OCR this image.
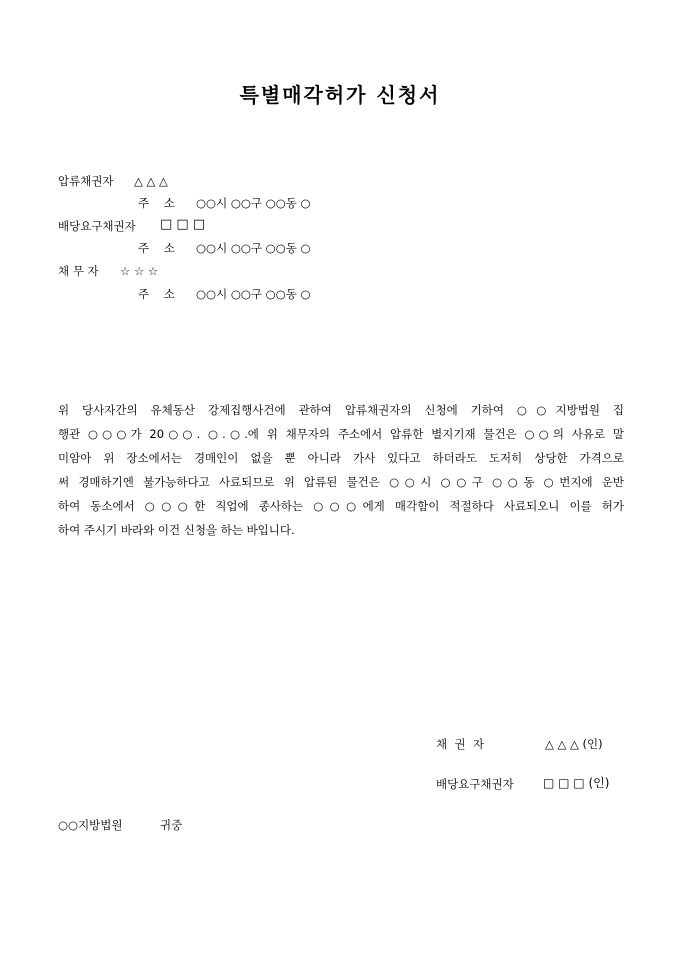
특별매각허가 신청서
압류채권자 △ △ △
주    소 ○○시 ○○구 ○○동 ○
배당요구채권자 □ □ □
주    소 ○○시 ○○구 ○○동 ○
채 무 자 ☆ ☆ ☆
주    소 ○○시 ○○구 ○○동 ○
위 당사자간의 유체동산 강제집행사건에 관하여 압류채권자의 신청에 기하여 ○○지방법원 집
행관 ○○○가 20○○. ○.○.에 위 채무자의 주소에서 압류한 별지기재 물건은 ○○의 사유로 말
미암아 위 장소에서는 경매인이 없을 뿐 아니라 가사 있다고 하더라도 도저히 상당한 가격으로
써 경매하기엔 불가능하다고 사료되므로 위 압류된 물건은 ○○시 ○○구 ○○동 ○번지에 운반
하여 동소에서 ○○○한 직업에 종사하는 ○○○에게 매각함이 적절하다 사료되오니 이를 허가
하여 주시기 바라와 이건 신청을 하는 바입니다.
채  권  자	△ △ △ (인)
배당요구채권자 □ □ □ (인)
○○지방법원	귀중
